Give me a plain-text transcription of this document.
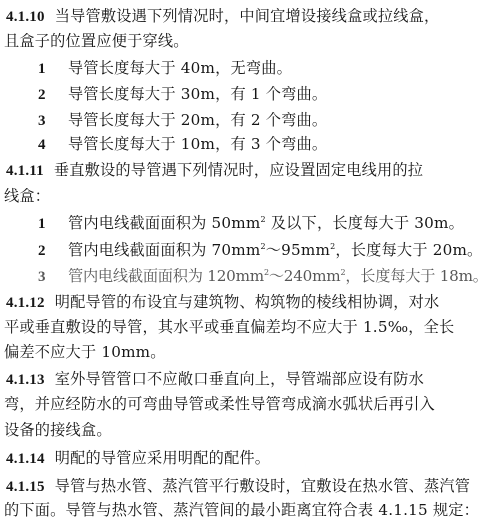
4.1.10 当导管敷设遇下列情况时，中间宜增设接线盒或拉线盒，
且盒子的位置应便于穿线。
1 导管长度每大于 40m，无弯曲。
2 导管长度每大于 30m，有 1 个弯曲。
3 导管长度每大于 20m，有 2 个弯曲。
4 导管长度每大于 10m，有 3 个弯曲。
4.1.11 垂直敷设的导管遇下列情况时，应设置固定电线用的拉
线盒：
1 管内电线截面面积为 $50mm^2$ 及以下，长度每大于 30m。
2 管内电线截面面积为 $70mm^2\sim 95mm^2$，长度每大于 20m。
3 管内电线截面面积为 $120mm^2\sim 240mm^2$，长度每大于 18m。
4.1.12 明配导管的布设宜与建筑物、构筑物的棱线相协调，对水
平或垂直敷设的导管，其水平或垂直偏差均不应大于 1.5‰，全长
偏差不应大于 10mm。
4.1.13 室外导管管口不应敞口垂直向上，导管端部应设有防水
弯，并应经防水的可弯曲导管或柔性导管弯成滴水弧状后再引入
设备的接线盒。
4.1.14 明配的导管应采用明配的配件。
4.1.15 导管与热水管、蒸汽管平行敷设时，宜敷设在热水管、蒸汽管
的下面。导管与热水管、蒸汽管间的最小距离宜符合表 4.1.15 规定：
